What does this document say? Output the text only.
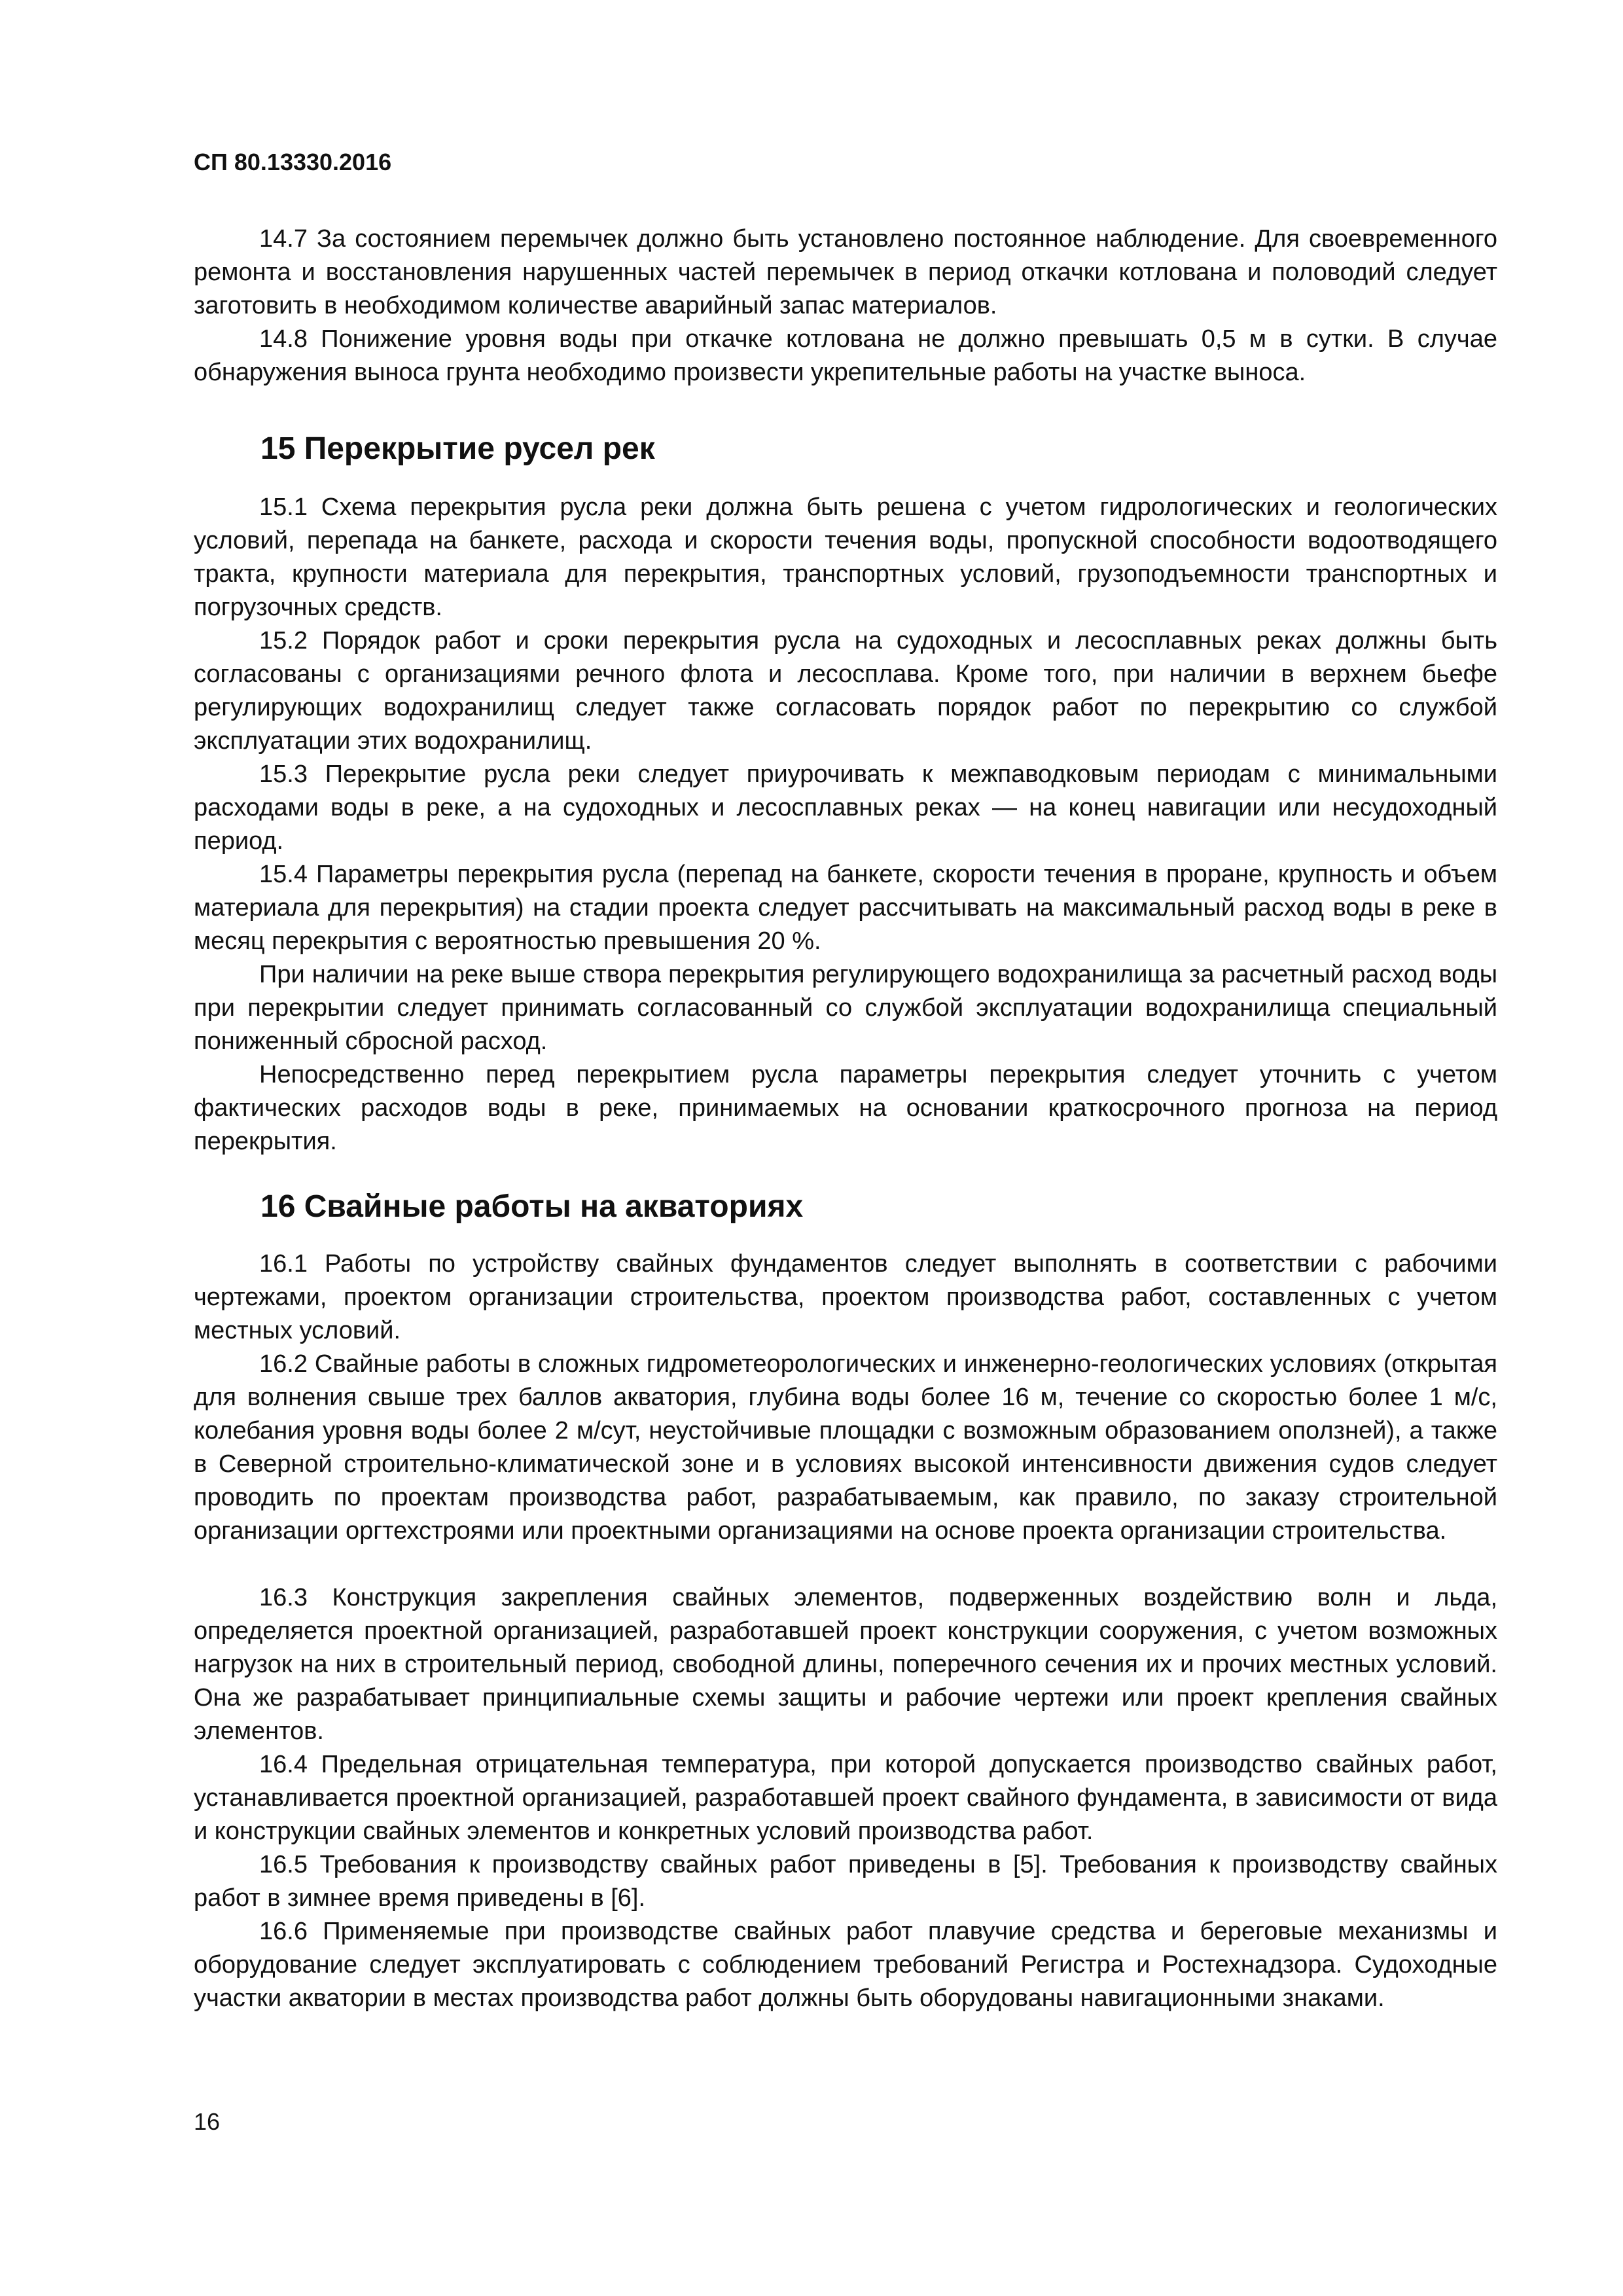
СП 80.13330.2016

14.7 За состоянием перемычек должно быть установлено постоянное наблюдение. Для своевременного ремонта и восстановления нарушенных частей перемычек в период откачки котлована и половодий следует заготовить в необходимом количестве аварийный запас материалов.

14.8 Понижение уровня воды при откачке котлована не должно превышать 0,5 м в сутки. В случае обнаружения выноса грунта необходимо произвести укрепительные работы на участке выноса.

15 Перекрытие русел рек

15.1 Схема перекрытия русла реки должна быть решена с учетом гидрологических и геологических условий, перепада на банкете, расхода и скорости течения воды, пропускной способности водоотводящего тракта, крупности материала для перекрытия, транспортных условий, грузоподъемности транспортных и погрузочных средств.

15.2 Порядок работ и сроки перекрытия русла на судоходных и лесосплавных реках должны быть согласованы с организациями речного флота и лесосплава. Кроме того, при наличии в верхнем бьефе регулирующих водохранилищ следует также согласовать порядок работ по перекрытию со службой эксплуатации этих водохранилищ.

15.3 Перекрытие русла реки следует приурочивать к межпаводковым периодам с минимальными расходами воды в реке, а на судоходных и лесосплавных реках — на конец навигации или несудоходный период.

15.4 Параметры перекрытия русла (перепад на банкете, скорости течения в проране, крупность и объем материала для перекрытия) на стадии проекта следует рассчитывать на максимальный расход воды в реке в месяц перекрытия с вероятностью превышения 20 %.

При наличии на реке выше створа перекрытия регулирующего водохранилища за расчетный расход воды при перекрытии следует принимать согласованный со службой эксплуатации водохранилища специальный пониженный сбросной расход.

Непосредственно перед перекрытием русла параметры перекрытия следует уточнить с учетом фактических расходов воды в реке, принимаемых на основании краткосрочного прогноза на период перекрытия.

16 Свайные работы на акваториях

16.1 Работы по устройству свайных фундаментов следует выполнять в соответствии с рабочими чертежами, проектом организации строительства, проектом производства работ, составленных с учетом местных условий.

16.2 Свайные работы в сложных гидрометеорологических и инженерно-геологических условиях (открытая для волнения свыше трех баллов акватория, глубина воды более 16 м, течение со скоростью более 1 м/с, колебания уровня воды более 2 м/сут, неустойчивые площадки с возможным образованием оползней), а также в Северной строительно-климатической зоне и в условиях высокой интенсивности движения судов следует проводить по проектам производства работ, разрабатываемым, как правило, по заказу строительной организации оргтехстроями или проектными организациями на основе проекта организации строительства.

16.3 Конструкция закрепления свайных элементов, подверженных воздействию волн и льда, определяется проектной организацией, разработавшей проект конструкции сооружения, с учетом возможных нагрузок на них в строительный период, свободной длины, поперечного сечения их и прочих местных условий. Она же разрабатывает принципиальные схемы защиты и рабочие чертежи или проект крепления свайных элементов.

16.4 Предельная отрицательная температура, при которой допускается производство свайных работ, устанавливается проектной организацией, разработавшей проект свайного фундамента, в зависимости от вида и конструкции свайных элементов и конкретных условий производства работ.

16.5 Требования к производству свайных работ приведены в [5]. Требования к производству свайных работ в зимнее время приведены в [6].

16.6 Применяемые при производстве свайных работ плавучие средства и береговые механизмы и оборудование следует эксплуатировать с соблюдением требований Регистра и Ростехнадзора. Судоходные участки акватории в местах производства работ должны быть оборудованы навигационными знаками.

16
